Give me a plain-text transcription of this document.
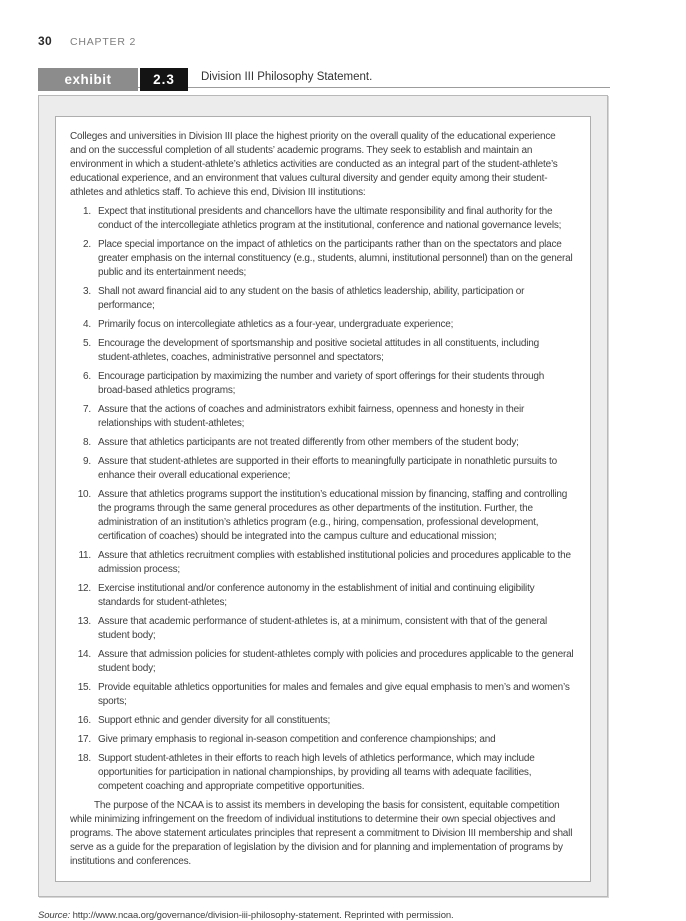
30 CHAPTER 2
exhibit	2.3	Division III Philosophy Statement.

Colleges and universities in Division III place the highest priority on the overall quality of the educational experience and on the successful completion of all students’ academic programs. They seek to establish and maintain an environment in which a student-athlete’s athletics activities are conducted as an integral part of the student-athlete’s educational experience, and an environment that values cultural diversity and gender equity among their student-athletes and athletics staff. To achieve this end, Division III institutions:

1. Expect that institutional presidents and chancellors have the ultimate responsibility and final authority for the conduct of the intercollegiate athletics program at the institutional, conference and national governance levels;
2. Place special importance on the impact of athletics on the participants rather than on the spectators and place greater emphasis on the internal constituency (e.g., students, alumni, institutional personnel) than on the general public and its entertainment needs;
3. Shall not award financial aid to any student on the basis of athletics leadership, ability, participation or performance;
4. Primarily focus on intercollegiate athletics as a four-year, undergraduate experience;
5. Encourage the development of sportsmanship and positive societal attitudes in all constituents, including student-athletes, coaches, administrative personnel and spectators;
6. Encourage participation by maximizing the number and variety of sport offerings for their students through broad-based athletics programs;
7. Assure that the actions of coaches and administrators exhibit fairness, openness and honesty in their relationships with student-athletes;
8. Assure that athletics participants are not treated differently from other members of the student body;
9. Assure that student-athletes are supported in their efforts to meaningfully participate in nonathletic pursuits to enhance their overall educational experience;
10. Assure that athletics programs support the institution’s educational mission by financing, staffing and controlling the programs through the same general procedures as other departments of the institution. Further, the administration of an institution’s athletics program (e.g., hiring, compensation, professional development, certification of coaches) should be integrated into the campus culture and educational mission;
11. Assure that athletics recruitment complies with established institutional policies and procedures applicable to the admission process;
12. Exercise institutional and/or conference autonomy in the establishment of initial and continuing eligibility standards for student-athletes;
13. Assure that academic performance of student-athletes is, at a minimum, consistent with that of the general student body;
14. Assure that admission policies for student-athletes comply with policies and procedures applicable to the general student body;
15. Provide equitable athletics opportunities for males and females and give equal emphasis to men’s and women’s sports;
16. Support ethnic and gender diversity for all constituents;
17. Give primary emphasis to regional in-season competition and conference championships; and
18. Support student-athletes in their efforts to reach high levels of athletics performance, which may include opportunities for participation in national championships, by providing all teams with adequate facilities, competent coaching and appropriate competitive opportunities.

The purpose of the NCAA is to assist its members in developing the basis for consistent, equitable competition while minimizing infringement on the freedom of individual institutions to determine their own special objectives and programs. The above statement articulates principles that represent a commitment to Division III membership and shall serve as a guide for the preparation of legislation by the division and for planning and implementation of programs by institutions and conferences.

Source: http://www.ncaa.org/governance/division-iii-philosophy-statement. Reprinted with permission.
